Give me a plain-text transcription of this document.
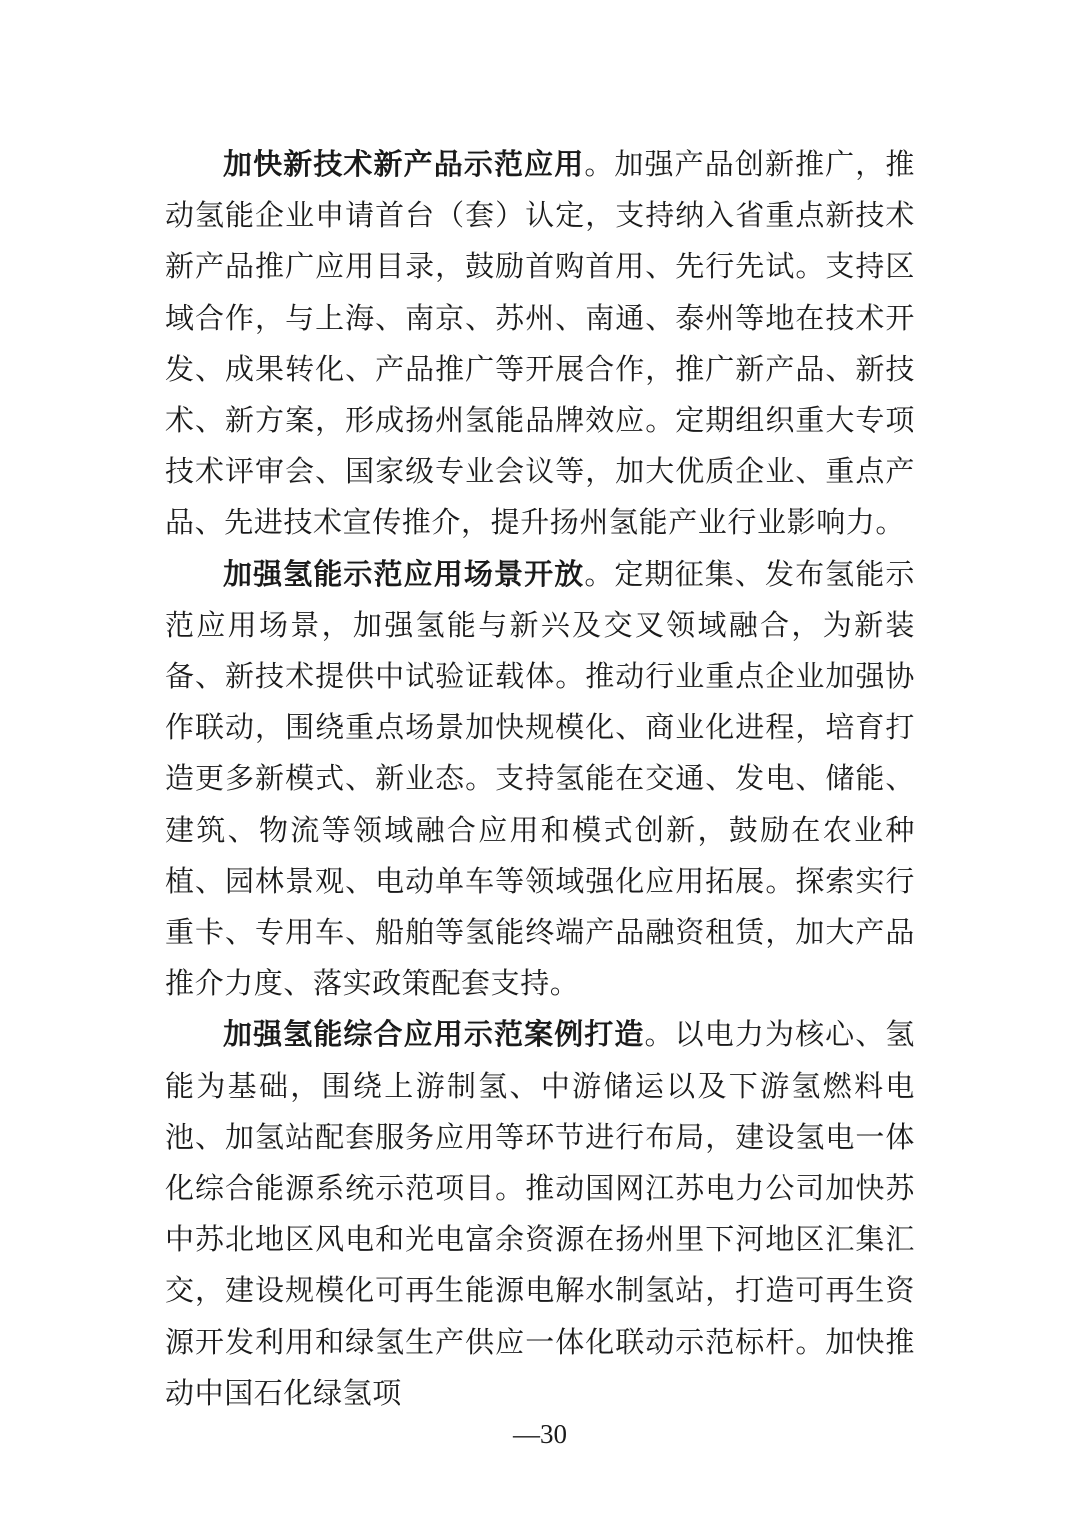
加快新技术新产品示范应用。加强产品创新推广，推动氢能企业申请首台（套）认定，支持纳入省重点新技术新产品推广应用目录，鼓励首购首用、先行先试。支持区域合作，与上海、南京、苏州、南通、泰州等地在技术开发、成果转化、产品推广等开展合作，推广新产品、新技术、新方案，形成扬州氢能品牌效应。定期组织重大专项技术评审会、国家级专业会议等，加大优质企业、重点产品、先进技术宣传推介，提升扬州氢能产业行业影响力。

加强氢能示范应用场景开放。定期征集、发布氢能示范应用场景，加强氢能与新兴及交叉领域融合，为新装备、新技术提供中试验证载体。推动行业重点企业加强协作联动，围绕重点场景加快规模化、商业化进程，培育打造更多新模式、新业态。支持氢能在交通、发电、储能、建筑、物流等领域融合应用和模式创新，鼓励在农业种植、园林景观、电动单车等领域强化应用拓展。探索实行重卡、专用车、船舶等氢能终端产品融资租赁，加大产品推介力度、落实政策配套支持。

加强氢能综合应用示范案例打造。以电力为核心、氢能为基础，围绕上游制氢、中游储运以及下游氢燃料电池、加氢站配套服务应用等环节进行布局，建设氢电一体化综合能源系统示范项目。推动国网江苏电力公司加快苏中苏北地区风电和光电富余资源在扬州里下河地区汇集汇交，建设规模化可再生能源电解水制氢站，打造可再生资源开发利用和绿氢生产供应一体化联动示范标杆。加快推动中国石化绿氢项

—30
